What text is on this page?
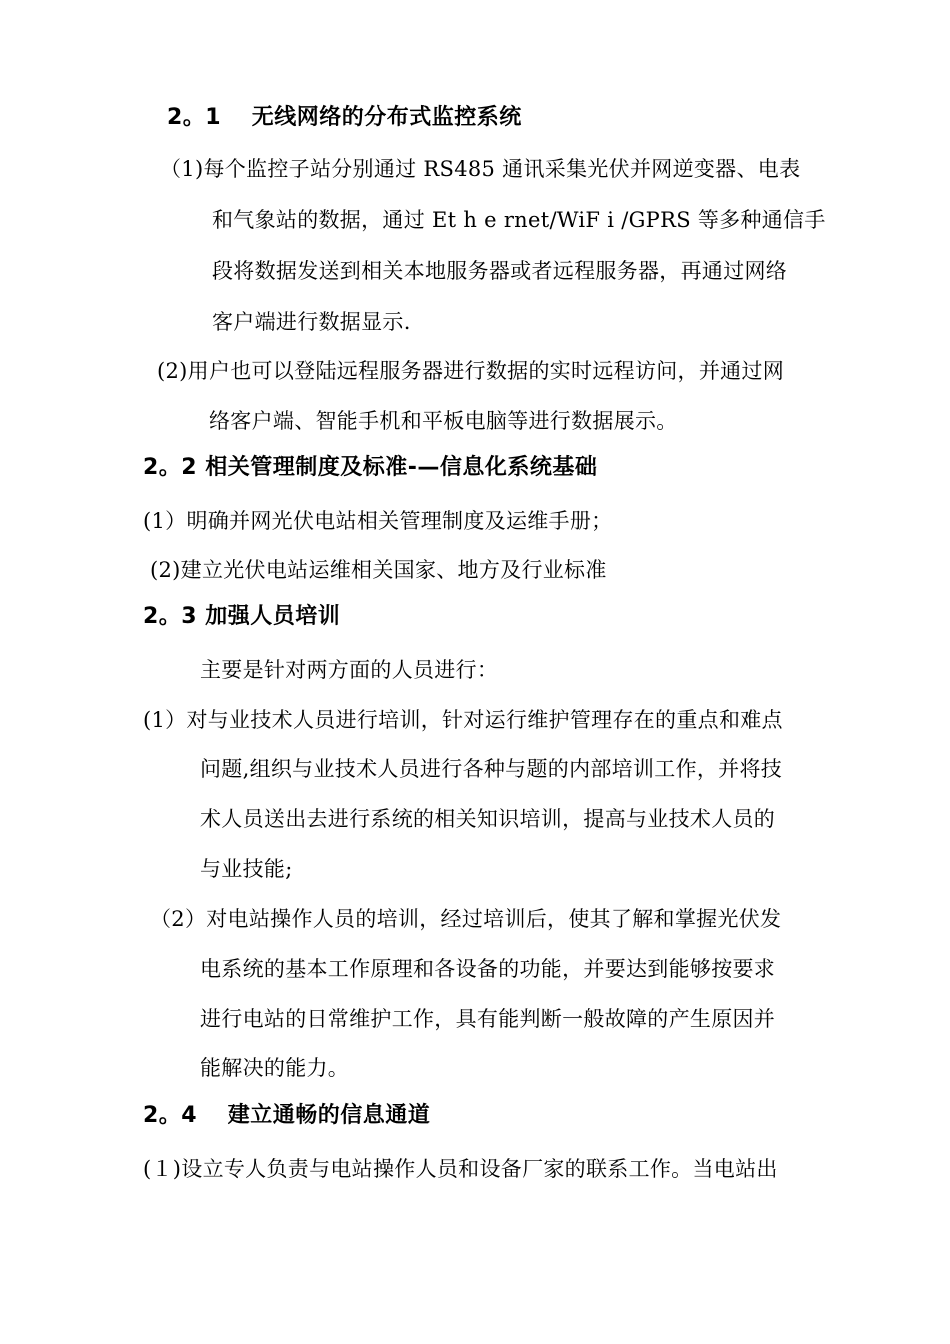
2。1　 无线网络的分布式监控系统
（1)每个监控子站分别通过 RS485 通讯采集光伏并网逆变器、电表
和气象站的数据，通过 Et h e rnet/WiF i /GPRS 等多种通信手
段将数据发送到相关本地服务器或者远程服务器，再通过网络
客户端进行数据显示.
(2)用户也可以登陆远程服务器进行数据的实时远程访问，并通过网
络客户端、智能手机和平板电脑等进行数据展示。
2。2 相关管理制度及标准-—信息化系统基础
(1）明确并网光伏电站相关管理制度及运维手册；
(2)建立光伏电站运维相关国家、地方及行业标准
2。3 加强人员培训
主要是针对两方面的人员进行：
(1）对与业技术人员进行培训，针对运行维护管理存在的重点和难点
问题,组织与业技术人员进行各种与题的内部培训工作，并将技
术人员送出去进行系统的相关知识培训，提高与业技术人员的
与业技能;
（2）对电站操作人员的培训，经过培训后，使其了解和掌握光伏发
电系统的基本工作原理和各设备的功能，并要达到能够按要求
进行电站的日常维护工作，具有能判断一般故障的产生原因并
能解决的能力。
2。4　 建立通畅的信息通道
(１)设立专人负责与电站操作人员和设备厂家的联系工作。当电站出
